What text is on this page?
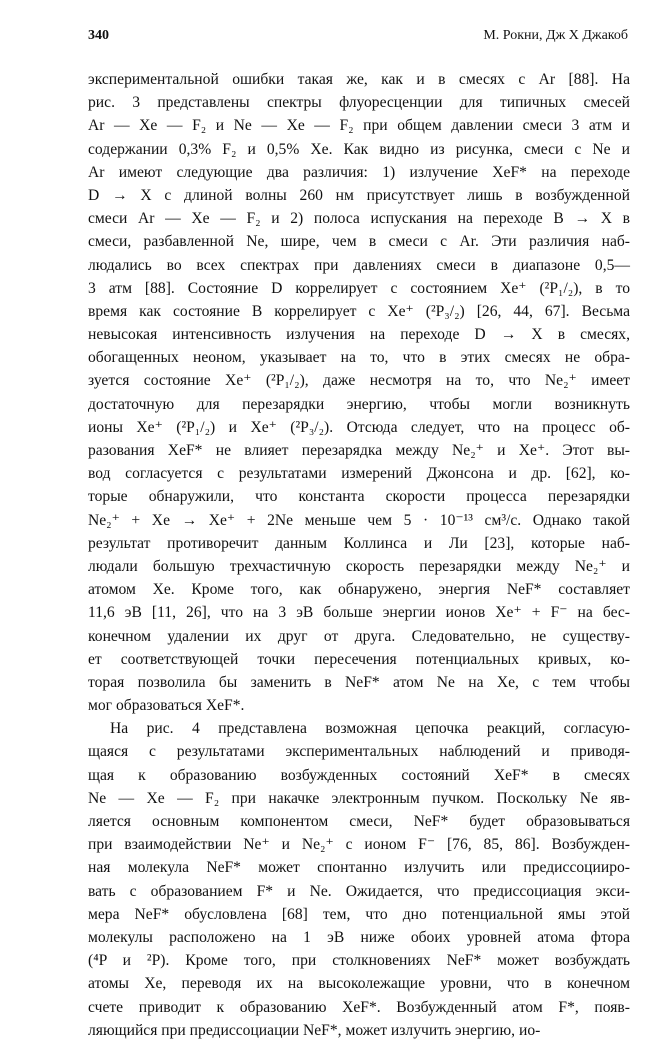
340	М. Рокни, Дж Х Джакоб
экспериментальной ошибки такая же, как и в смесях с Ar [88]. На
рис. 3 представлены спектры флуоресценции для типичных смесей
Ar — Xe — F₂ и Ne — Xe — F₂ при общем давлении смеси 3 атм и
содержании 0,3% F₂ и 0,5% Xe. Как видно из рисунка, смеси с Ne и
Ar имеют следующие два различия: 1) излучение XeF* на переходе
D → X с длиной волны 260 нм присутствует лишь в возбужденной
смеси Ar — Xe — F₂ и 2) полоса испускания на переходе B → X в
смеси, разбавленной Ne, шире, чем в смеси с Ar. Эти различия наб-
людались во всех спектрах при давлениях смеси в диапазоне 0,5—
3 атм [88]. Состояние D коррелирует с состоянием Xe⁺ (²P₁/₂), в то
время как состояние B коррелирует с Xe⁺ (²P₃/₂) [26, 44, 67]. Весьма
невысокая интенсивность излучения на переходе D → X в смесях,
обогащенных неоном, указывает на то, что в этих смесях не обра-
зуется состояние Xe⁺ (²P₁/₂), даже несмотря на то, что Ne₂⁺ имеет
достаточную для перезарядки энергию, чтобы могли возникнуть
ионы Xe⁺ (²P₁/₂) и Xe⁺ (²P₃/₂). Отсюда следует, что на процесс об-
разования XeF* не влияет перезарядка между Ne₂⁺ и Xe⁺. Этот вы-
вод согласуется с результатами измерений Джонсона и др. [62], ко-
торые обнаружили, что константа скорости процесса перезарядки
Ne₂⁺ + Xe → Xe⁺ + 2Ne меньше чем 5 · 10⁻¹³ см³/с. Однако такой
результат противоречит данным Коллинса и Ли [23], которые наб-
людали большую трехчастичную скорость перезарядки между Ne₂⁺ и
атомом Xe. Кроме того, как обнаружено, энергия NeF* составляет
11,6 эВ [11, 26], что на 3 эВ больше энергии ионов Xe⁺ + F⁻ на бес-
конечном удалении их друг от друга. Следовательно, не существу-
ет соответствующей точки пересечения потенциальных кривых, ко-
торая позволила бы заменить в NeF* атом Ne на Xe, с тем чтобы
мог образоваться XeF*.
На рис. 4 представлена возможная цепочка реакций, согласую-
щаяся с результатами экспериментальных наблюдений и приводя-
щая к образованию возбужденных состояний XeF* в смесях
Ne — Xe — F₂ при накачке электронным пучком. Поскольку Ne яв-
ляется основным компонентом смеси, NeF* будет образовываться
при взаимодействии Ne⁺ и Ne₂⁺ с ионом F⁻ [76, 85, 86]. Возбужден-
ная молекула NeF* может спонтанно излучить или предиссоцииро-
вать с образованием F* и Ne. Ожидается, что предиссоциация экси-
мера NeF* обусловлена [68] тем, что дно потенциальной ямы этой
молекулы расположено на 1 эВ ниже обоих уровней атома фтора
(⁴P и ²P). Кроме того, при столкновениях NeF* может возбуждать
атомы Xe, переводя их на высоколежащие уровни, что в конечном
счете приводит к образованию XeF*. Возбужденный атом F*, появ-
ляющийся при предиссоциации NeF*, может излучить энергию, ио-
